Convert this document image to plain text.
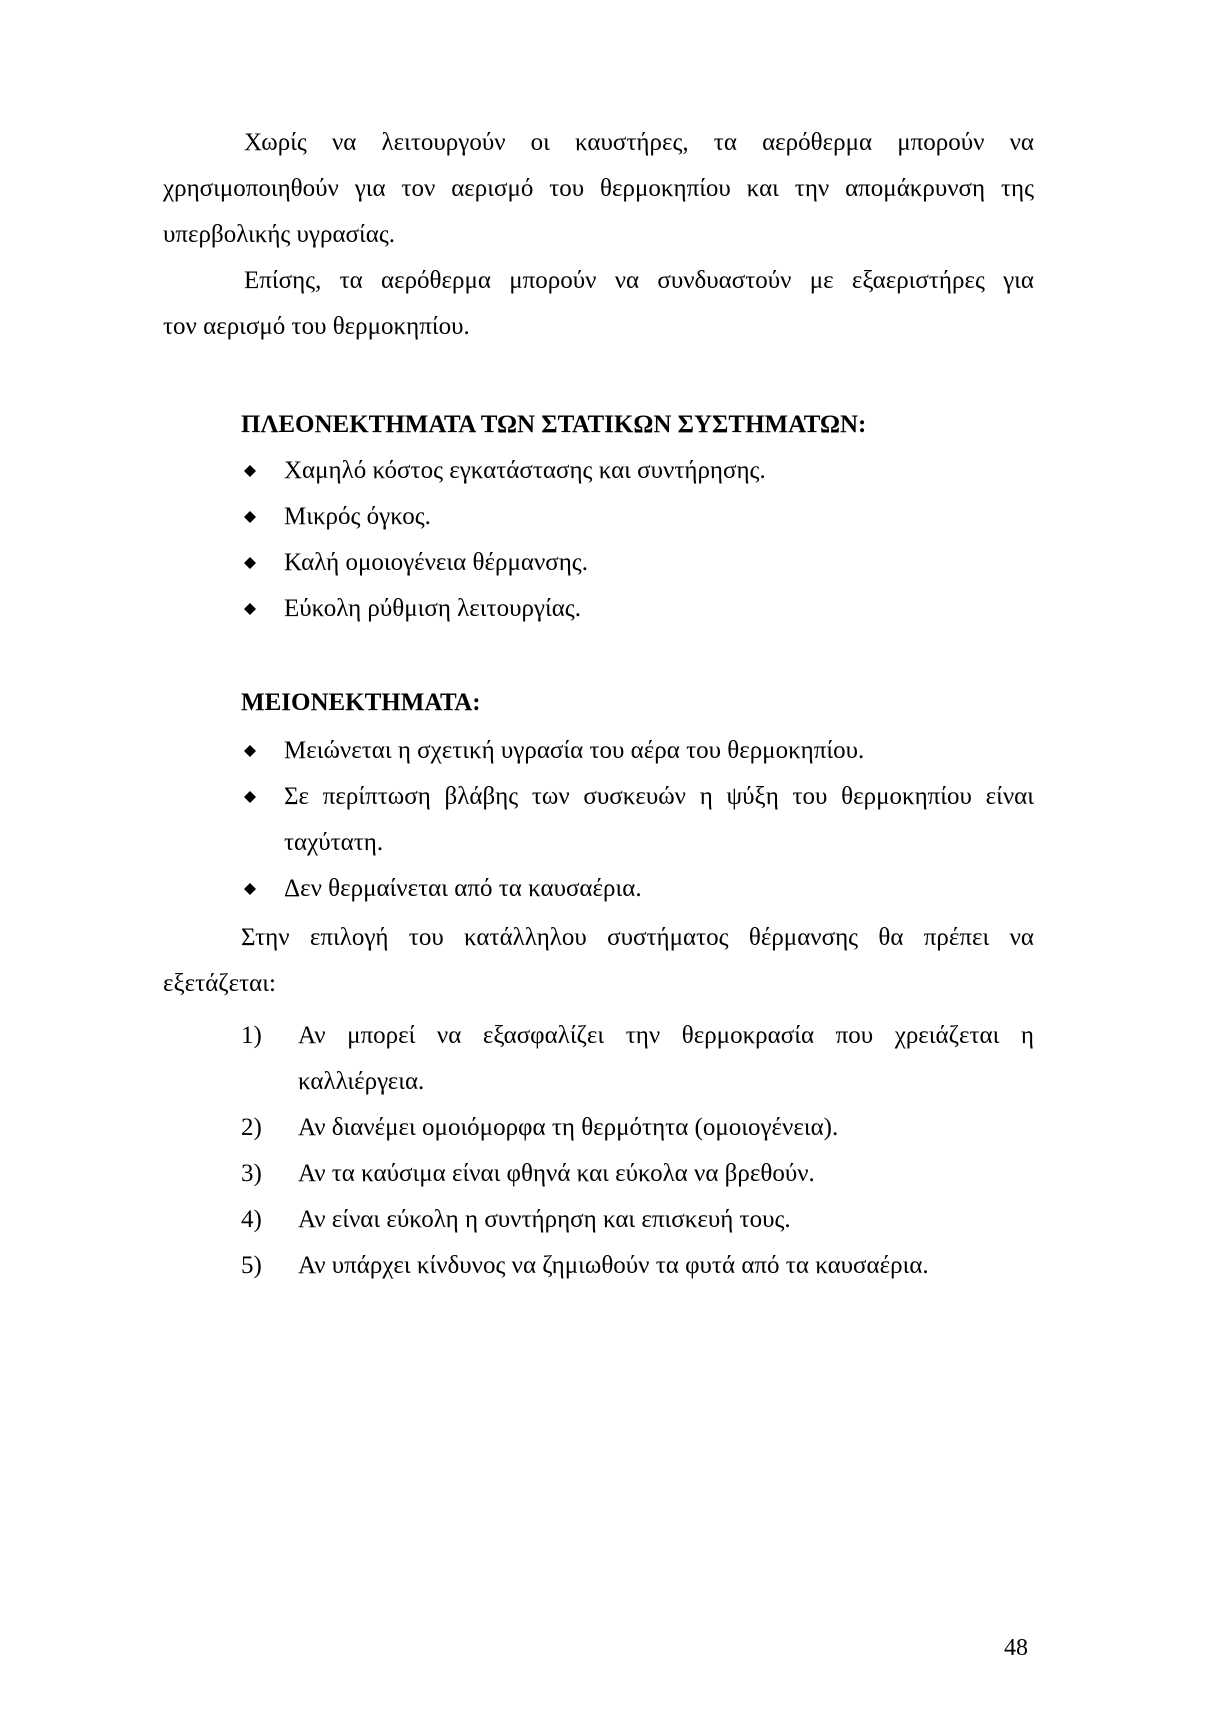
Χωρίς να λειτουργούν οι καυστήρες, τα αερόθερμα μπορούν να
χρησιμοποιηθούν για τον αερισμό του θερμοκηπίου και την απομάκρυνση της
υπερβολικής υγρασίας.
Επίσης, τα αερόθερμα μπορούν να συνδυαστούν με εξαεριστήρες για
τον αερισμό του θερμοκηπίου.
ΠΛΕΟΝΕΚΤΗΜΑΤΑ ΤΩΝ ΣΤΑΤΙΚΩΝ ΣΥΣΤΗΜΑΤΩΝ:
Χαμηλό κόστος εγκατάστασης και συντήρησης.
Μικρός όγκος.
Καλή ομοιογένεια θέρμανσης.
Εύκολη ρύθμιση λειτουργίας.
ΜΕΙΟΝΕΚΤΗΜΑΤΑ:
Μειώνεται η σχετική υγρασία του αέρα του θερμοκηπίου.
Σε περίπτωση βλάβης των συσκευών η ψύξη του θερμοκηπίου είναι
ταχύτατη.
Δεν θερμαίνεται από τα καυσαέρια.
Στην επιλογή του κατάλληλου συστήματος θέρμανσης θα πρέπει να
εξετάζεται:
1) Αν μπορεί να εξασφαλίζει την θερμοκρασία που χρειάζεται η
καλλιέργεια.
2) Αν διανέμει ομοιόμορφα τη θερμότητα (ομοιογένεια).
3) Αν τα καύσιμα είναι φθηνά και εύκολα να βρεθούν.
4) Αν είναι εύκολη η συντήρηση και επισκευή τους.
5) Αν υπάρχει κίνδυνος να ζημιωθούν τα φυτά από τα καυσαέρια.
48
